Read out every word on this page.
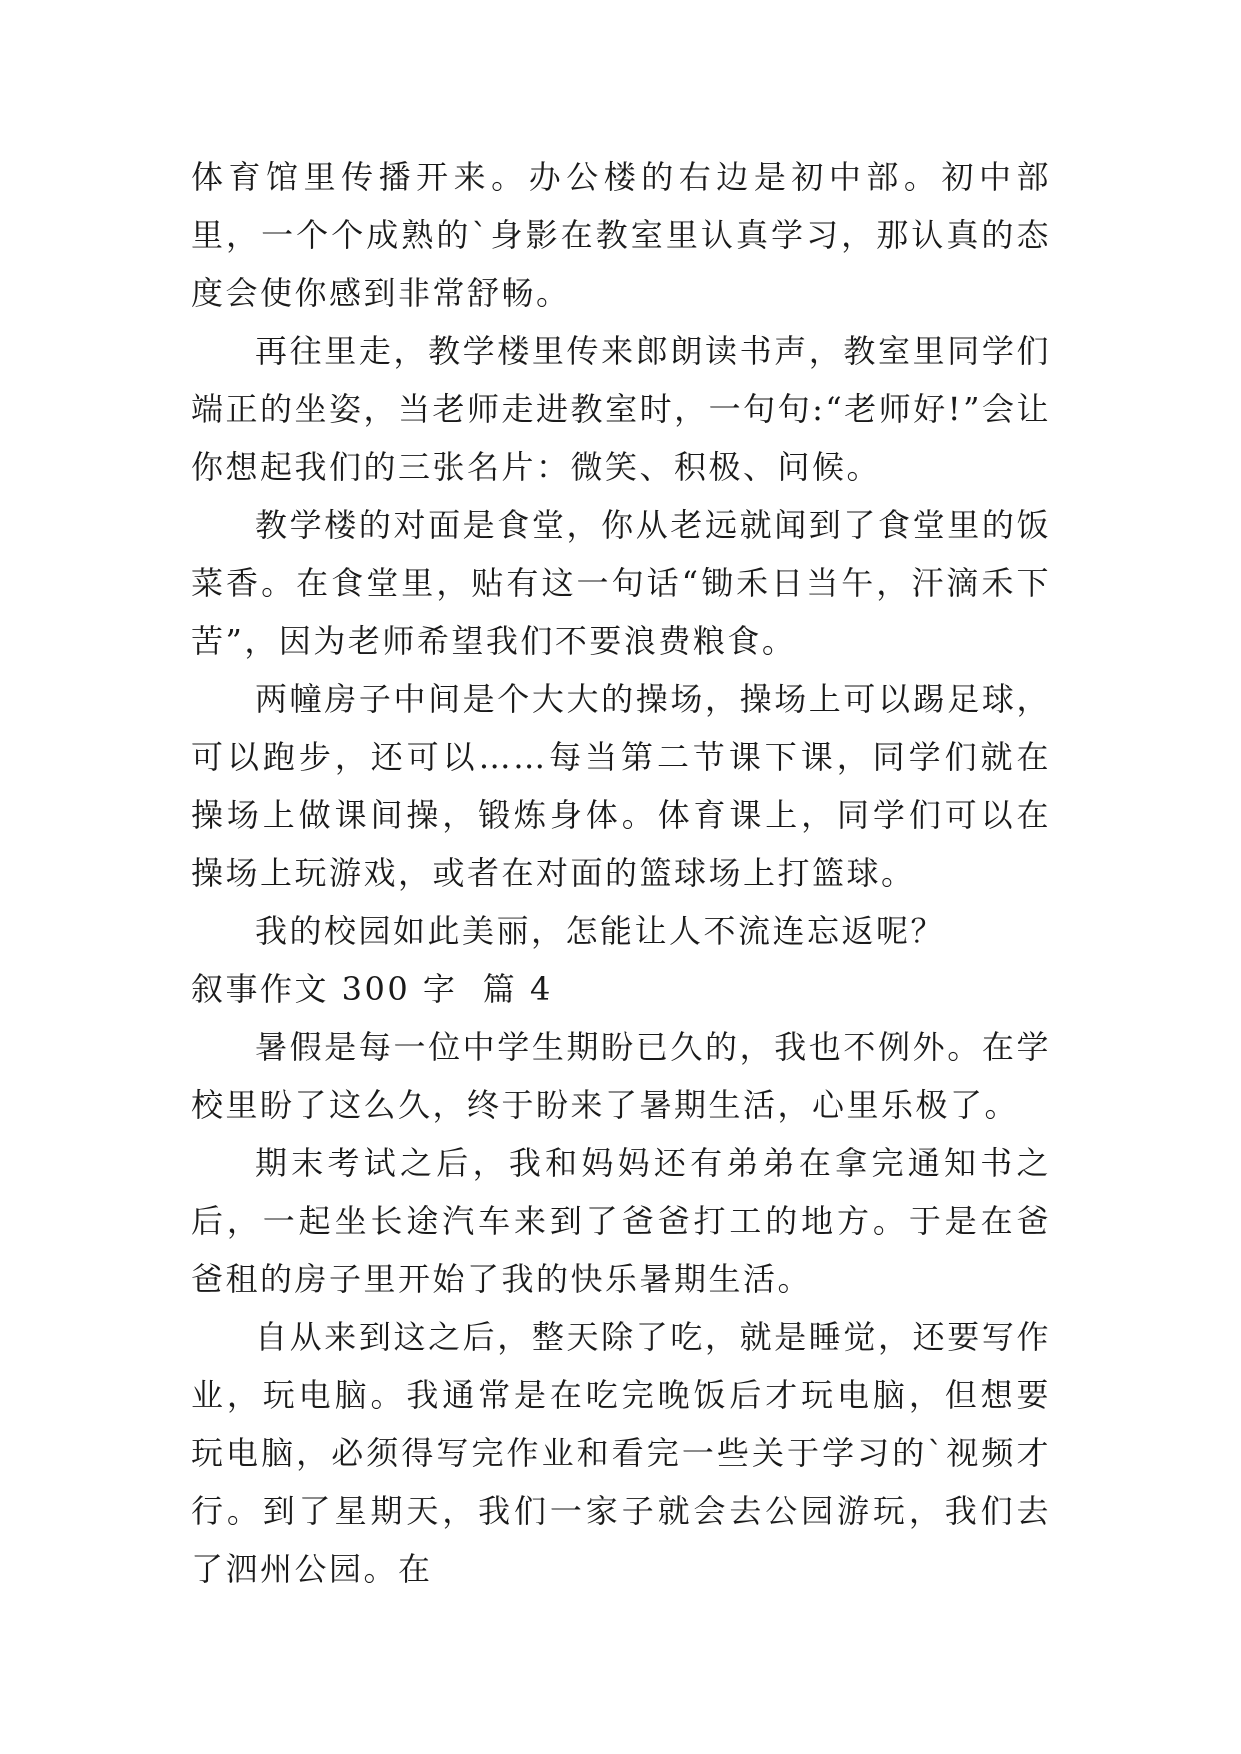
体育馆里传播开来。办公楼的右边是初中部。初中部里，一个个成熟的`身影在教室里认真学习，那认真的态度会使你感到非常舒畅。

再往里走，教学楼里传来郎朗读书声，教室里同学们端正的坐姿，当老师走进教室时，一句句:“老师好!”会让你想起我们的三张名片：微笑、积极、问候。

教学楼的对面是食堂，你从老远就闻到了食堂里的饭菜香。在食堂里，贴有这一句话“锄禾日当午，汗滴禾下苦”，因为老师希望我们不要浪费粮食。

两幢房子中间是个大大的操场，操场上可以踢足球，可以跑步，还可以……每当第二节课下课，同学们就在操场上做课间操，锻炼身体。体育课上，同学们可以在操场上玩游戏，或者在对面的篮球场上打篮球。

我的校园如此美丽，怎能让人不流连忘返呢？

叙事作文 300 字  篇 4

暑假是每一位中学生期盼已久的，我也不例外。在学校里盼了这么久，终于盼来了暑期生活，心里乐极了。

期末考试之后，我和妈妈还有弟弟在拿完通知书之后，一起坐长途汽车来到了爸爸打工的地方。于是在爸爸租的房子里开始了我的快乐暑期生活。

自从来到这之后，整天除了吃，就是睡觉，还要写作业，玩电脑。我通常是在吃完晚饭后才玩电脑，但想要玩电脑，必须得写完作业和看完一些关于学习的`视频才行。到了星期天，我们一家子就会去公园游玩，我们去了泗州公园。在
